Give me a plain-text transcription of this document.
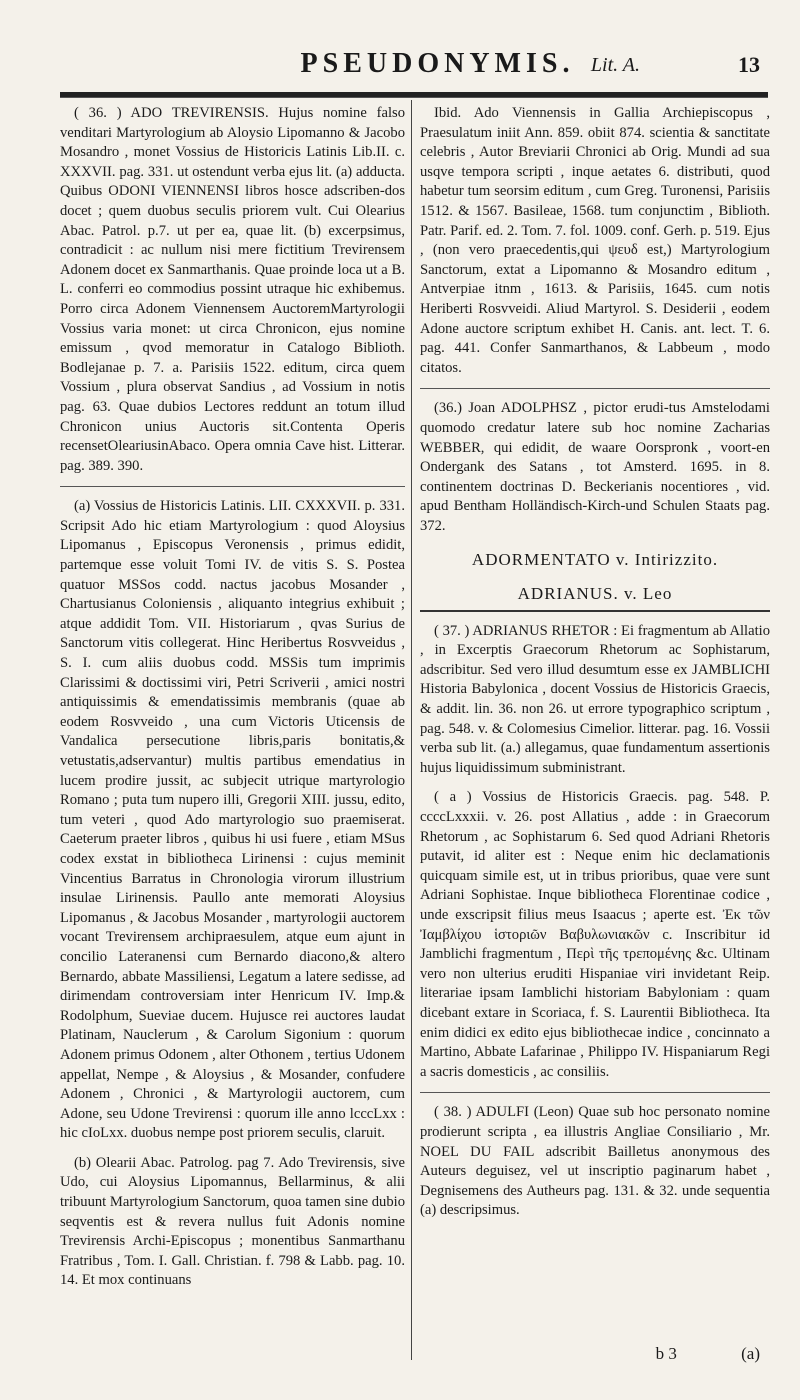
PSEUDONYMIS. Lit. A.	13

( 36. ) ADO TREVIRENSIS. Hujus nomine falso venditari Martyrologium ab Aloysio Lipomanno & Jacobo Mosandro , monet Vossius de Historicis Latinis Lib.II. c. XXXVII. pag. 331. ut ostendunt verba ejus lit. (a) adducta. Quibus ODONI VIENNENSI libros hosce adscriben-dos docet ; quem duobus seculis priorem vult. Cui Olearius Abac. Patrol. p.7. ut per ea, quae lit. (b) excerpsimus, contradicit : ac nullum nisi mere fictitium Trevirensem Adonem docet ex Sanmarthanis. Quae proinde loca ut a B. L. conferri eo commodius possint utraque hic exhibemus. Porro circa Adonem Viennensem AuctoremMartyrologii Vossius varia monet: ut circa Chronicon, ejus nomine emissum , qvod memoratur in Catalogo Biblioth. Bodlejanae p. 7. a. Parisiis 1522. editum, circa quem Vossium , plura observat Sandius , ad Vossium in notis pag. 63. Quae dubios Lectores reddunt an totum illud Chronicon unius Auctoris sit.Contenta Operis recensetOleariusinAbaco. Opera omnia Cave hist. Litterar. pag. 389. 390.

(a) Vossius de Historicis Latinis. LII. CXXXVII. p. 331. Scripsit Ado hic etiam Martyrologium : quod Aloysius Lipomanus , Episcopus Veronensis , primus edidit, partemque esse voluit Tomi IV. de vitis S. S. Postea quatuor MSSos codd. nactus jacobus Mosander , Chartusianus Coloniensis , aliquanto integrius exhibuit ; atque addidit Tom. VII. Historiarum , qvas Surius de Sanctorum vitis collegerat. Hinc Heribertus Rosvveidus , S. I. cum aliis duobus codd. MSSis tum imprimis Clarissimi & doctissimi viri, Petri Scriverii , amici nostri antiquissimis & emendatissimis membranis (quae ab eodem Rosvveido , una cum Victoris Uticensis de Vandalica persecutione libris,paris bonitatis,& vetustatis,adservantur) multis partibus emendatius in lucem prodire jussit, ac subjecit utrique martyrologio Romano ; puta tum nupero illi, Gregorii XIII. jussu, edito, tum veteri , quod Ado martyrologio suo praemiserat. Caeterum praeter libros , quibus hi usi fuere , etiam MSus codex exstat in bibliotheca Lirinensi : cujus meminit Vincentius Barratus in Chronologia virorum illustrium insulae Lirinensis. Paullo ante memorati Aloysius Lipomanus , & Jacobus Mosander , martyrologii auctorem vocant Trevirensem archipraesulem, atque eum ajunt in concilio Lateranensi cum Bernardo diacono,& altero Bernardo, abbate Massiliensi, Legatum a latere sedisse, ad dirimendam controversiam inter Henricum IV. Imp.& Rodolphum, Sueviae ducem. Hujusce rei auctores laudat Platinam, Nauclerum , & Carolum Sigonium : quorum Adonem primus Odonem , alter Othonem , tertius Udonem appellat, Nempe , & Aloysius , & Mosander, confudere Adonem , Chronici , & Martyrologii auctorem, cum Adone, seu Udone Trevirensi : quorum ille anno lcccLxx : hic cIoLxx. duobus nempe post priorem seculis, claruit.

(b) Olearii Abac. Patrolog. pag 7. Ado Trevirensis, sive Udo, cui Aloysius Lipomannus, Bellarminus, & alii tribuunt Martyrologium Sanctorum, quoa tamen sine dubio seqventis est & revera nullus fuit Adonis nomine Trevirensis Archi-Episcopus ; monentibus Sanmarthanu Fratribus , Tom. I. Gall. Christian. f. 798 & Labb. pag. 10. 14. Et mox continuans

Ibid. Ado Viennensis in Gallia Archiepiscopus , Praesulatum iniit Ann. 859. obiit 874. scientia & sanctitate celebris , Autor Breviarii Chronici ab Orig. Mundi ad sua usqve tempora scripti , inque aetates 6. distributi, quod habetur tum seorsim editum , cum Greg. Turonensi, Parisiis 1512. & 1567. Basileae, 1568. tum conjunctim , Biblioth. Patr. Parif. ed. 2. Tom. 7. fol. 1009. conf. Gerh. p. 519. Ejus , (non vero praecedentis,qui ψευδ est,) Martyrologium Sanctorum, extat a Lipomanno & Mosandro editum , Antverpiae itnm , 1613. & Parisiis, 1645. cum notis Heriberti Rosvveidi. Aliud Martyrol. S. Desiderii , eodem Adone auctore scriptum exhibet H. Canis. ant. lect. T. 6. pag. 441. Confer Sanmarthanos, & Labbeum , modo citatos.

(36.) Joan ADOLPHSZ , pictor erudi-tus Amstelodami quomodo credatur latere sub hoc nomine Zacharias WEBBER, qui edidit, de waare Oorspronk , voort-en Ondergank des Satans , tot Amsterd. 1695. in 8. continentem doctrinas D. Beckerianis nocentiores , vid. apud Bentham Holländisch-Kirch-und Schulen Staats pag. 372.

ADORMENTATO v. Intirizzito.
ADRIANUS. v. Leo

( 37. ) ADRIANUS RHETOR : Ei fragmentum ab Allatio , in Excerptis Graecorum Rhetorum ac Sophistarum, adscribitur. Sed vero illud desumtum esse ex JAMBLICHI Historia Babylonica , docent Vossius de Historicis Graecis, & addit. lin. 36. non 26. ut errore typographico scriptum , pag. 548. v. & Colomesius Cimelior. litterar. pag. 16. Vossii verba sub lit. (a.) allegamus, quae fundamentum assertionis hujus liquidissimum subministrant.

( a ) Vossius de Historicis Graecis. pag. 548. P. ccccLxxxii. v. 26. post Allatius , adde : in Graecorum Rhetorum , ac Sophistarum 6. Sed quod Adriani Rhetoris putavit, id aliter est : Neque enim hic declamationis quicquam simile est, ut in tribus prioribus, quae vere sunt Adriani Sophistae. Inque bibliotheca Florentinae codice , unde exscripsit filius meus Isaacus ; aperte est. Ἐκ τῶν Ἰαμβλίχου ἱστοριῶν Βαβυλωνιακῶν c. Inscribitur id Jamblichi fragmentum , Περὶ τῆς τρεπομένης &c. Ultinam vero non ulterius eruditi Hispaniae viri invidetant Reip. literariae ipsam Iamblichi historiam Babyloniam : quam dicebant extare in Scoriaca, f. S. Laurentii Bibliotheca. Ita enim didici ex edito ejus bibliothecae indice , concinnato a Martino, Abbate Lafarinae , Philippo IV. Hispaniarum Regi a sacris domesticis , ac consiliis.

( 38. ) ADULFI (Leon) Quae sub hoc personato nomine prodierunt scripta , ea illustris Angliae Consiliario , Mr. NOEL DU FAIL adscribit Bailletus anonymous des Auteurs deguisez, vel ut inscriptio paginarum habet , Degnisemens des Autheurs pag. 131. & 32. unde sequentia (a) descripsimus.

b 3	(a)
